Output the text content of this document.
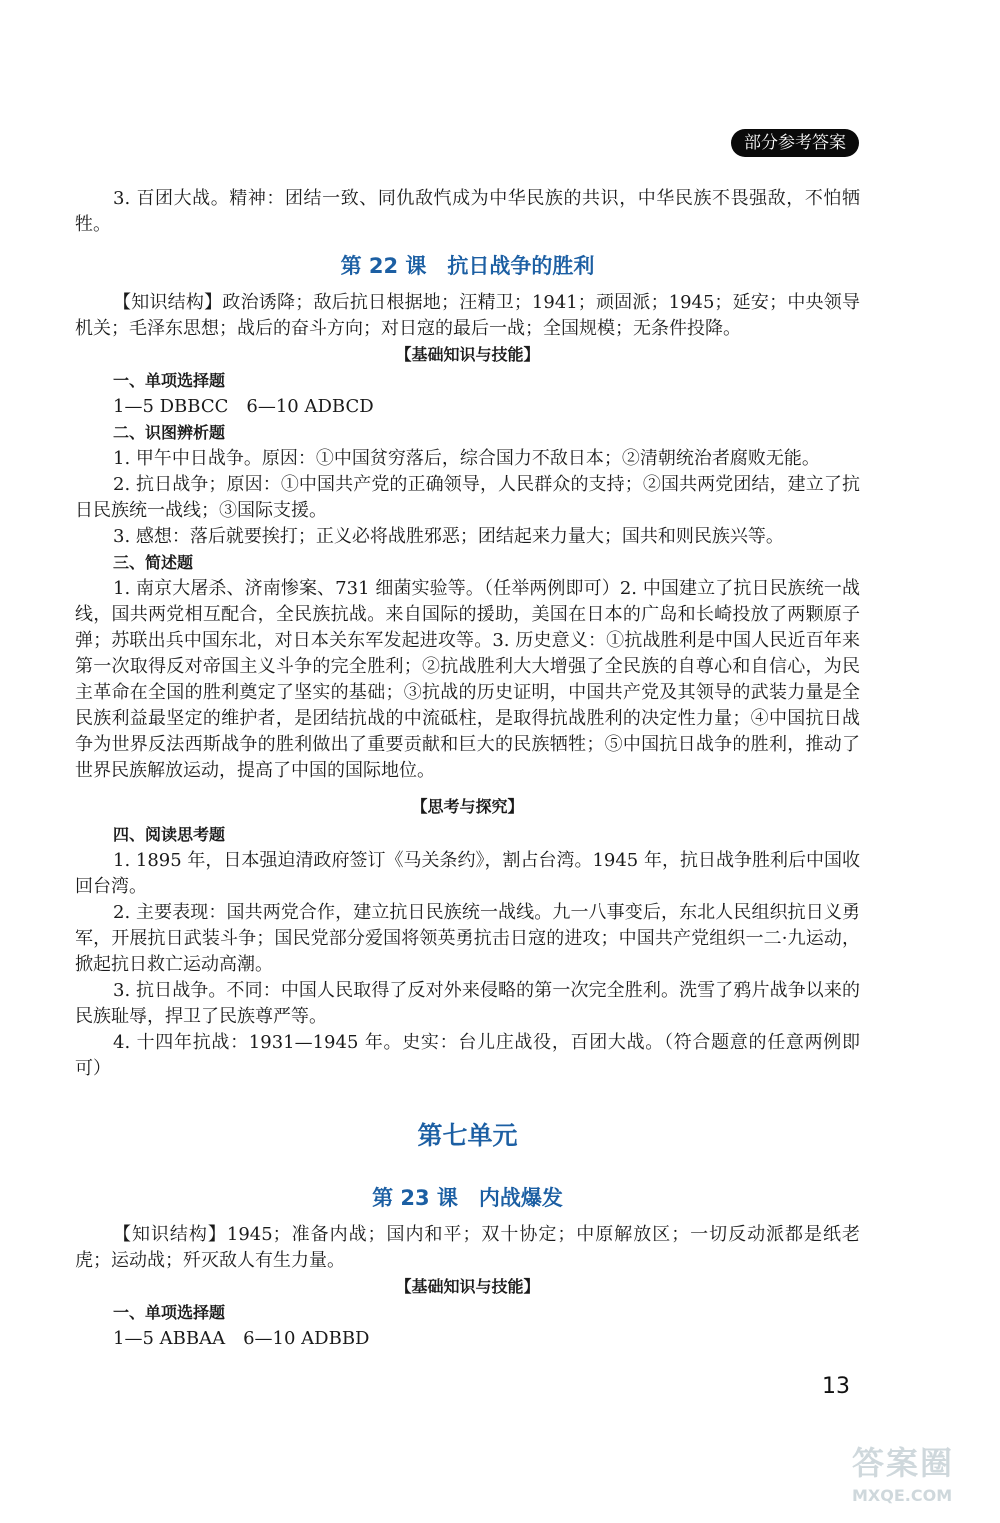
部分参考答案

3. 百团大战。精神：团结一致、同仇敌忾成为中华民族的共识，中华民族不畏强敌，不怕牺牲。

第 22 课　抗日战争的胜利

【知识结构】政治诱降；敌后抗日根据地；汪精卫；1941；顽固派；1945；延安；中央领导机关；毛泽东思想；战后的奋斗方向；对日寇的最后一战；全国规模；无条件投降。

【基础知识与技能】
一、单项选择题

1—5 DBBCC　6—10 ADBCD

二、识图辨析题

1. 甲午中日战争。原因：①中国贫穷落后，综合国力不敌日本；②清朝统治者腐败无能。

2. 抗日战争；原因：①中国共产党的正确领导，人民群众的支持；②国共两党团结，建立了抗日民族统一战线；③国际支援。

3. 感想：落后就要挨打；正义必将战胜邪恶；团结起来力量大；国共和则民族兴等。

三、简述题

1. 南京大屠杀、济南惨案、731 细菌实验等。（任举两例即可）2. 中国建立了抗日民族统一战线，国共两党相互配合，全民族抗战。来自国际的援助，美国在日本的广岛和长崎投放了两颗原子弹；苏联出兵中国东北，对日本关东军发起进攻等。3. 历史意义：①抗战胜利是中国人民近百年来第一次取得反对帝国主义斗争的完全胜利；②抗战胜利大大增强了全民族的自尊心和自信心，为民主革命在全国的胜利奠定了坚实的基础；③抗战的历史证明，中国共产党及其领导的武装力量是全民族利益最坚定的维护者，是团结抗战的中流砥柱，是取得抗战胜利的决定性力量；④中国抗日战争为世界反法西斯战争的胜利做出了重要贡献和巨大的民族牺牲；⑤中国抗日战争的胜利，推动了世界民族解放运动，提高了中国的国际地位。

【思考与探究】
四、阅读思考题

1. 1895 年，日本强迫清政府签订《马关条约》，割占台湾。1945 年，抗日战争胜利后中国收回台湾。

2. 主要表现：国共两党合作，建立抗日民族统一战线。九一八事变后，东北人民组织抗日义勇军，开展抗日武装斗争；国民党部分爱国将领英勇抗击日寇的进攻；中国共产党组织一二·九运动，掀起抗日救亡运动高潮。

3. 抗日战争。不同：中国人民取得了反对外来侵略的第一次完全胜利。洗雪了鸦片战争以来的民族耻辱，捍卫了民族尊严等。

4. 十四年抗战：1931—1945 年。史实：台儿庄战役，百团大战。（符合题意的任意两例即可）

第七单元
第 23 课　内战爆发

【知识结构】1945；准备内战；国内和平；双十协定；中原解放区；一切反动派都是纸老虎；运动战；歼灭敌人有生力量。

【基础知识与技能】
一、单项选择题

1—5 ABBAA　6—10 ADBBD

13
答案圈
MXQE.COM
